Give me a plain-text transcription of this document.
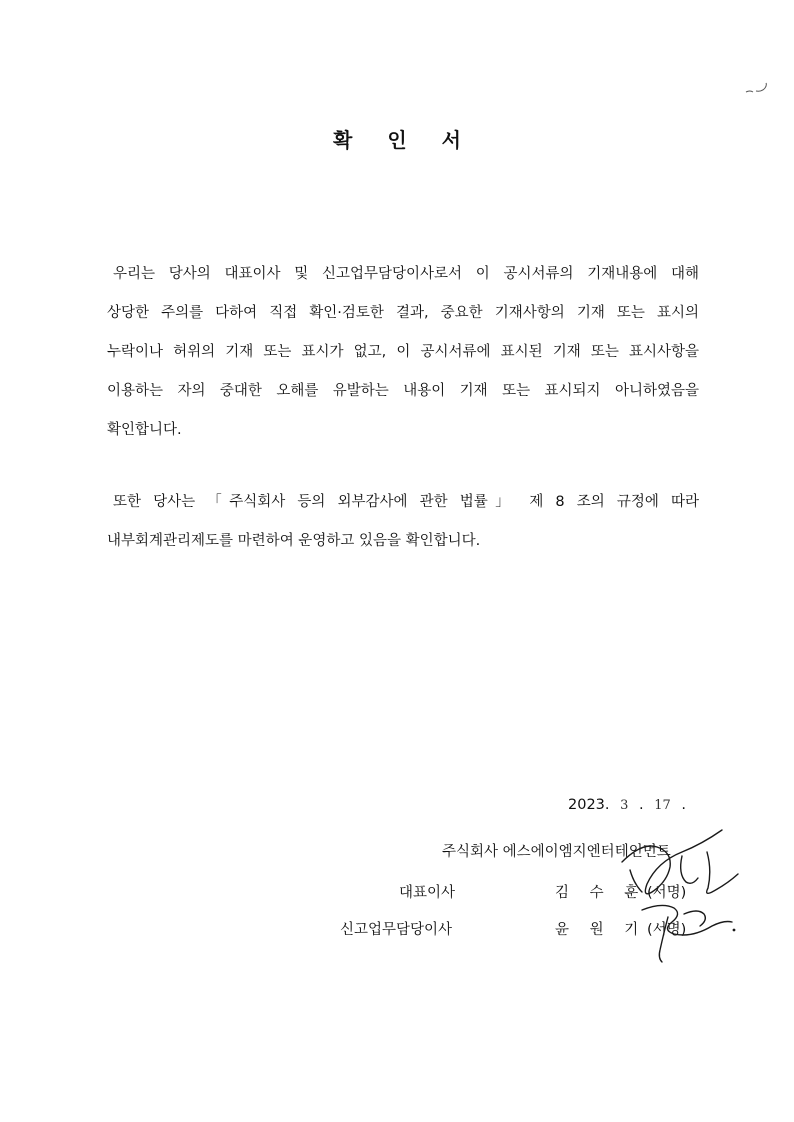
확 인 서
우리는 당사의 대표이사 및 신고업무담당이사로서 이 공시서류의 기재내용에 대해
상당한 주의를 다하여 직접 확인·검토한 결과, 중요한 기재사항의 기재 또는 표시의
누락이나 허위의 기재 또는 표시가 없고, 이 공시서류에 표시된 기재 또는 표시사항을
이용하는 자의 중대한 오해를 유발하는 내용이 기재 또는 표시되지 아니하였음을
확인합니다.
또한 당사는 「주식회사 등의 외부감사에 관한 법률」 제 8 조의 규정에 따라
내부회계관리제도를 마련하여 운영하고 있음을 확인합니다.
2023. 3 . 17 .
주식회사 에스에이엠지엔터테인먼트
대표이사	김 수 훈 (서명)
신고업무담당이사	윤 원 기 (서명)
